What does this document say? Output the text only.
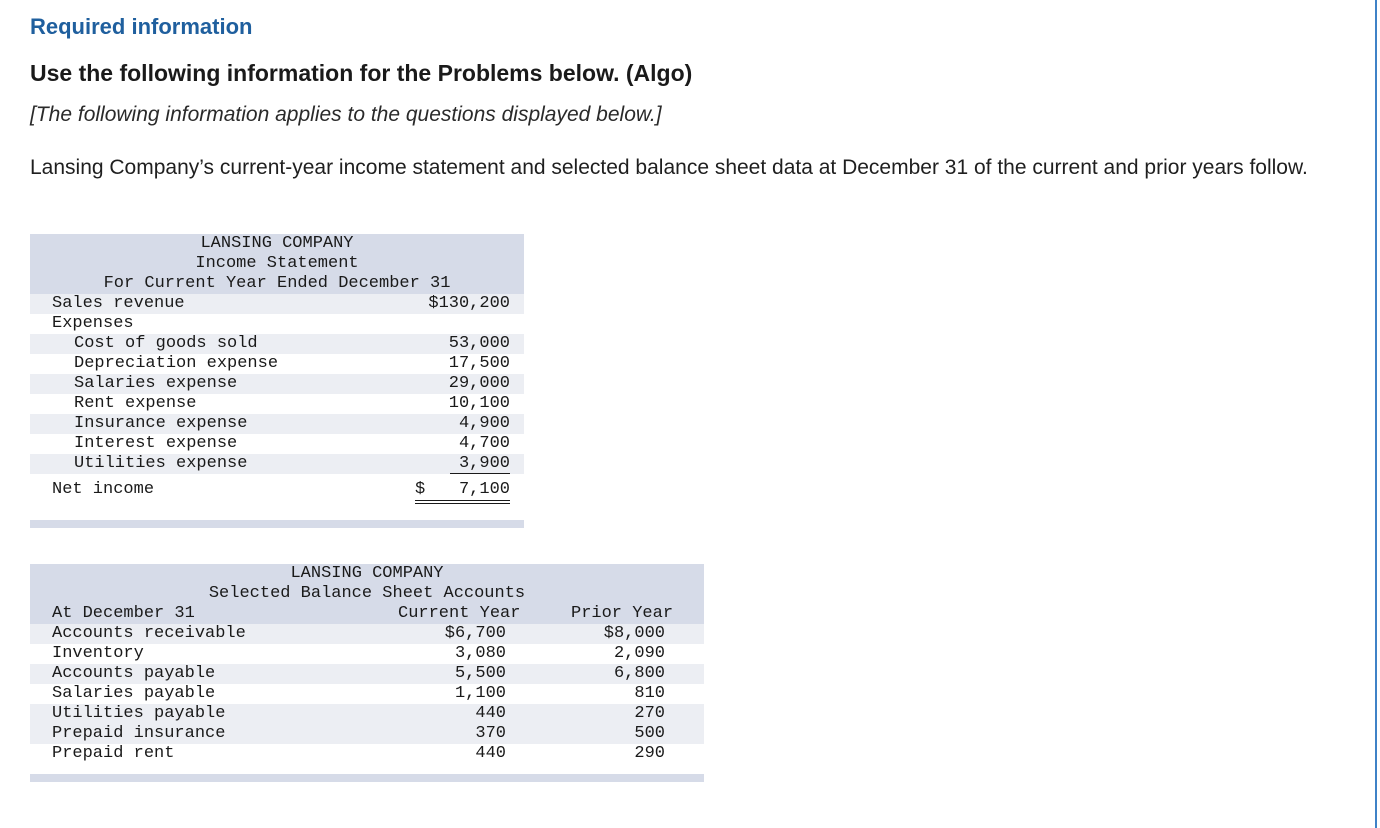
Required information
Use the following information for the Problems below. (Algo)
[The following information applies to the questions displayed below.]
Lansing Company’s current-year income statement and selected balance sheet data at December 31 of the current and prior years follow.
LANSING COMPANY
Income Statement
For Current Year Ended December 31
Sales revenue	$130,200
Expenses
Cost of goods sold	53,000
Depreciation expense	17,500
Salaries expense	29,000
Rent expense	10,100
Insurance expense	4,900
Interest expense	4,700
Utilities expense	3,900
Net income	$	7,100
LANSING COMPANY
Selected Balance Sheet Accounts
At December 31	Current Year	Prior Year
Accounts receivable	$6,700	$8,000
Inventory	3,080	2,090
Accounts payable	5,500	6,800
Salaries payable	1,100	810
Utilities payable	440	270
Prepaid insurance	370	500
Prepaid rent	440	290
